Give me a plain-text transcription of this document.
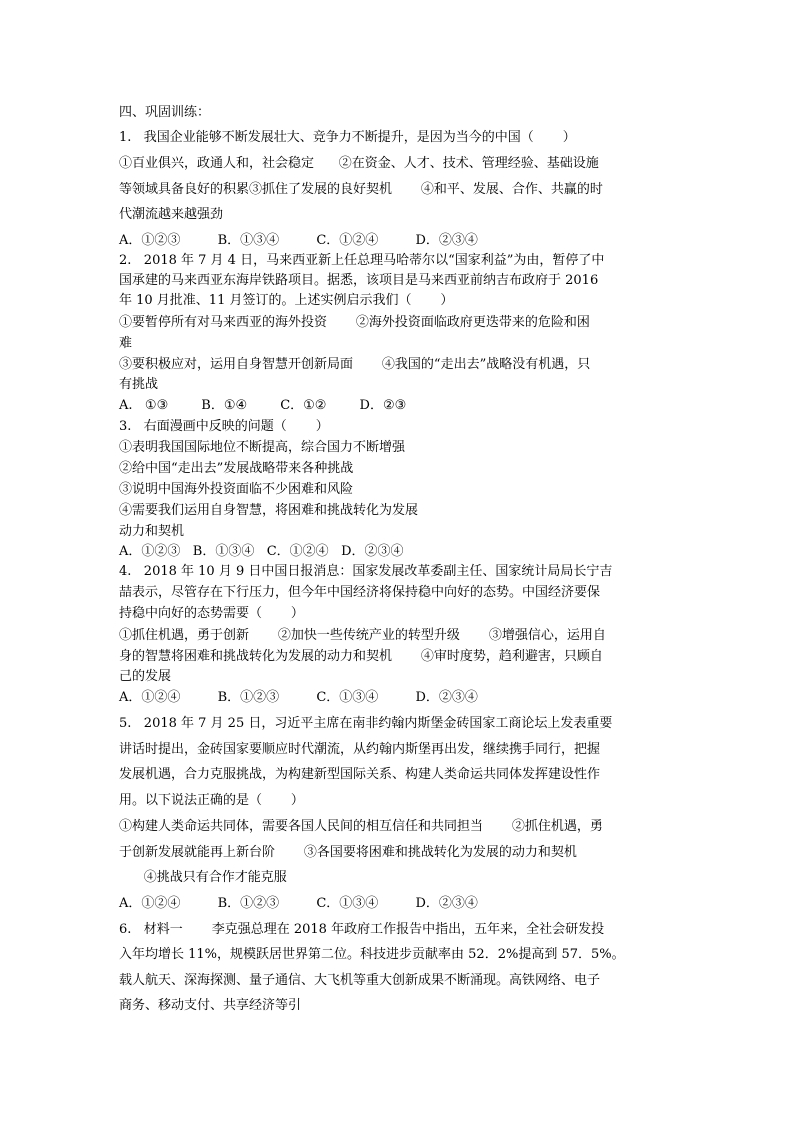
四、巩固训练：
1.   我国企业能够不断发展壮大、竞争力不断提升，是因为当今的中国（       ）
①百业俱兴，政通人和，社会稳定      ②在资金、人才、技术、管理经验、基础设施
等领域具备良好的积累③抓住了发展的良好契机       ④和平、发展、合作、共赢的时
代潮流越来越强劲
A．①②③         B．①③④         C．①②④         D．②③④
2.   2018 年 7 月 4 日，马来西亚新上任总理马哈蒂尔以“国家利益”为由，暂停了中
国承建的马来西亚东海岸铁路项目。据悉，该项目是马来西亚前纳吉布政府于 2016
年 10 月批准、11 月签订的。上述实例启示我们（       ）
①要暂停所有对马来西亚的海外投资       ②海外投资面临政府更迭带来的危险和困
难
③要积极应对，运用自身智慧开创新局面       ④我国的“走出去”战略没有机遇，只
有挑战
A.   ①③        B．①④        C．①②        D．②③
3.   右面漫画中反映的问题（       ）
①表明我国国际地位不断提高，综合国力不断增强
②给中国“走出去”发展战略带来各种挑战
③说明中国海外投资面临不少困难和风险
④需要我们运用自身智慧，将困难和挑战转化为发展
动力和契机
A．①②③   B．①③④   C．①②④   D．②③④
4.   2018 年 10 月 9 日中国日报消息：国家发展改革委副主任、国家统计局局长宁吉
喆表示，尽管存在下行压力，但今年中国经济将保持稳中向好的态势。中国经济要保
持稳中向好的态势需要（       ）
①抓住机遇，勇于创新       ②加快一些传统产业的转型升级       ③增强信心，运用自
身的智慧将困难和挑战转化为发展的动力和契机       ④审时度势，趋利避害，只顾自
己的发展
A．①②④         B．①②③         C．①③④         D．②③④
5.   2018 年 7 月 25 日，习近平主席在南非约翰内斯堡金砖国家工商论坛上发表重要
讲话时提出，金砖国家要顺应时代潮流，从约翰内斯堡再出发，继续携手同行，把握
发展机遇，合力克服挑战，为构建新型国际关系、构建人类命运共同体发挥建设性作
用。以下说法正确的是（       ）
①构建人类命运共同体，需要各国人民间的相互信任和共同担当       ②抓住机遇，勇
于创新发展就能再上新台阶       ③各国要将困难和挑战转化为发展的动力和契机
④挑战只有合作才能克服
A．①②④         B．①②③         C．①③④         D．②③④
6.   材料一       李克强总理在 2018 年政府工作报告中指出，五年来，全社会研发投
入年均增长 11%，规模跃居世界第二位。科技进步贡献率由 52．2%提高到 57．5%。
载人航天、深海探测、量子通信、大飞机等重大创新成果不断涌现。高铁网络、电子
商务、移动支付、共享经济等引
